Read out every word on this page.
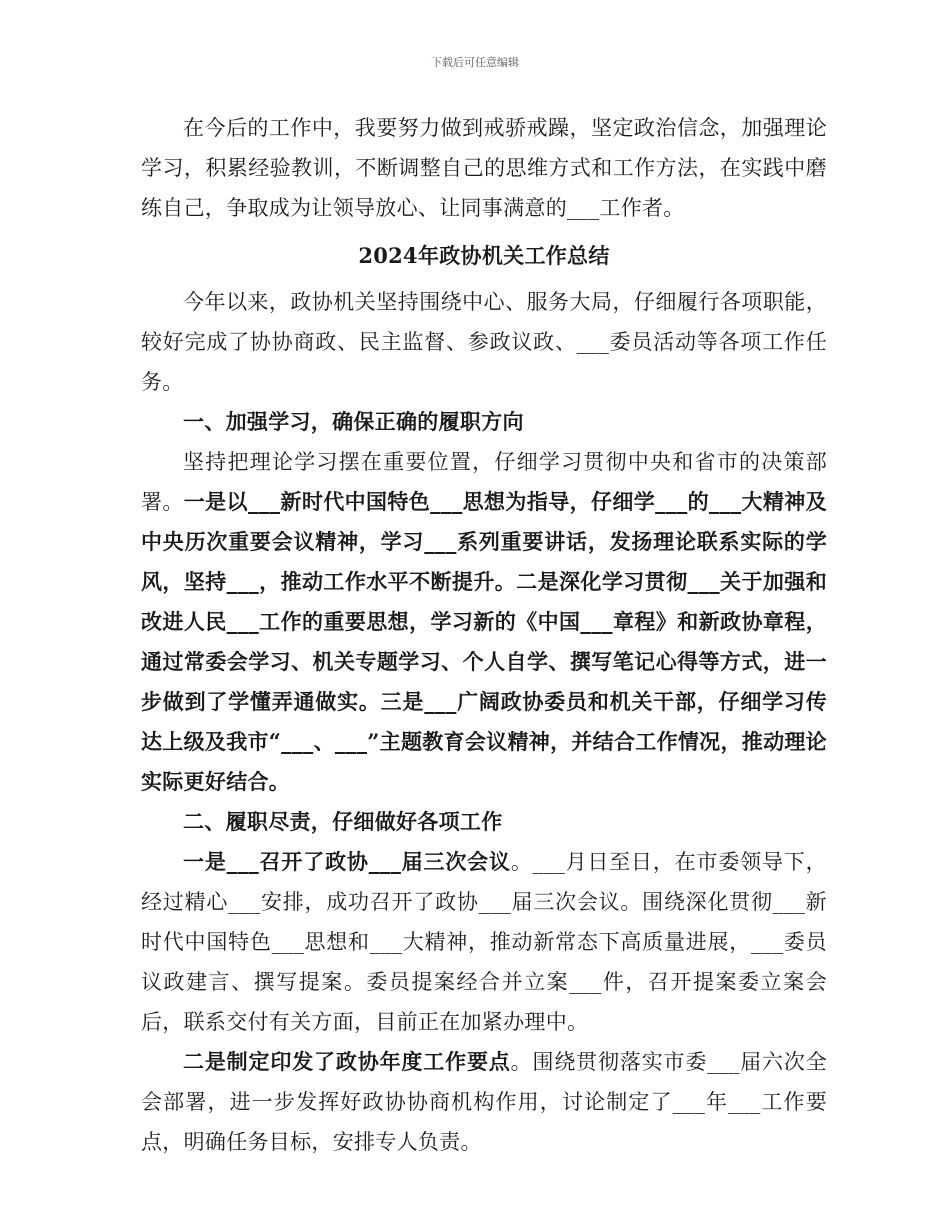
下载后可任意编辑

在今后的工作中，我要努力做到戒骄戒躁，坚定政治信念，加强理论学习，积累经验教训，不断调整自己的思维方式和工作方法，在实践中磨练自己，争取成为让领导放心、让同事满意的___工作者。

2024年政协机关工作总结

今年以来，政协机关坚持围绕中心、服务大局，仔细履行各项职能，较好完成了协协商政、民主监督、参政议政、___委员活动等各项工作任务。

一、加强学习，确保正确的履职方向

坚持把理论学习摆在重要位置，仔细学习贯彻中央和省市的决策部署。一是以___新时代中国特色___思想为指导，仔细学___的___大精神及中央历次重要会议精神，学习___系列重要讲话，发扬理论联系实际的学风，坚持___，推动工作水平不断提升。二是深化学习贯彻___关于加强和改进人民___工作的重要思想，学习新的《中国___章程》和新政协章程，通过常委会学习、机关专题学习、个人自学、撰写笔记心得等方式，进一步做到了学懂弄通做实。三是___广阔政协委员和机关干部，仔细学习传达上级及我市“___、___”主题教育会议精神，并结合工作情况，推动理论实际更好结合。

二、履职尽责，仔细做好各项工作

一是___召开了政协___届三次会议。___月日至日，在市委领导下，经过精心___安排，成功召开了政协___届三次会议。围绕深化贯彻___新时代中国特色___思想和___大精神，推动新常态下高质量进展，___委员议政建言、撰写提案。委员提案经合并立案___件，召开提案委立案会后，联系交付有关方面，目前正在加紧办理中。

二是制定印发了政协年度工作要点。围绕贯彻落实市委___届六次全会部署，进一步发挥好政协协商机构作用，讨论制定了___年___工作要点，明确任务目标，安排专人负责。
